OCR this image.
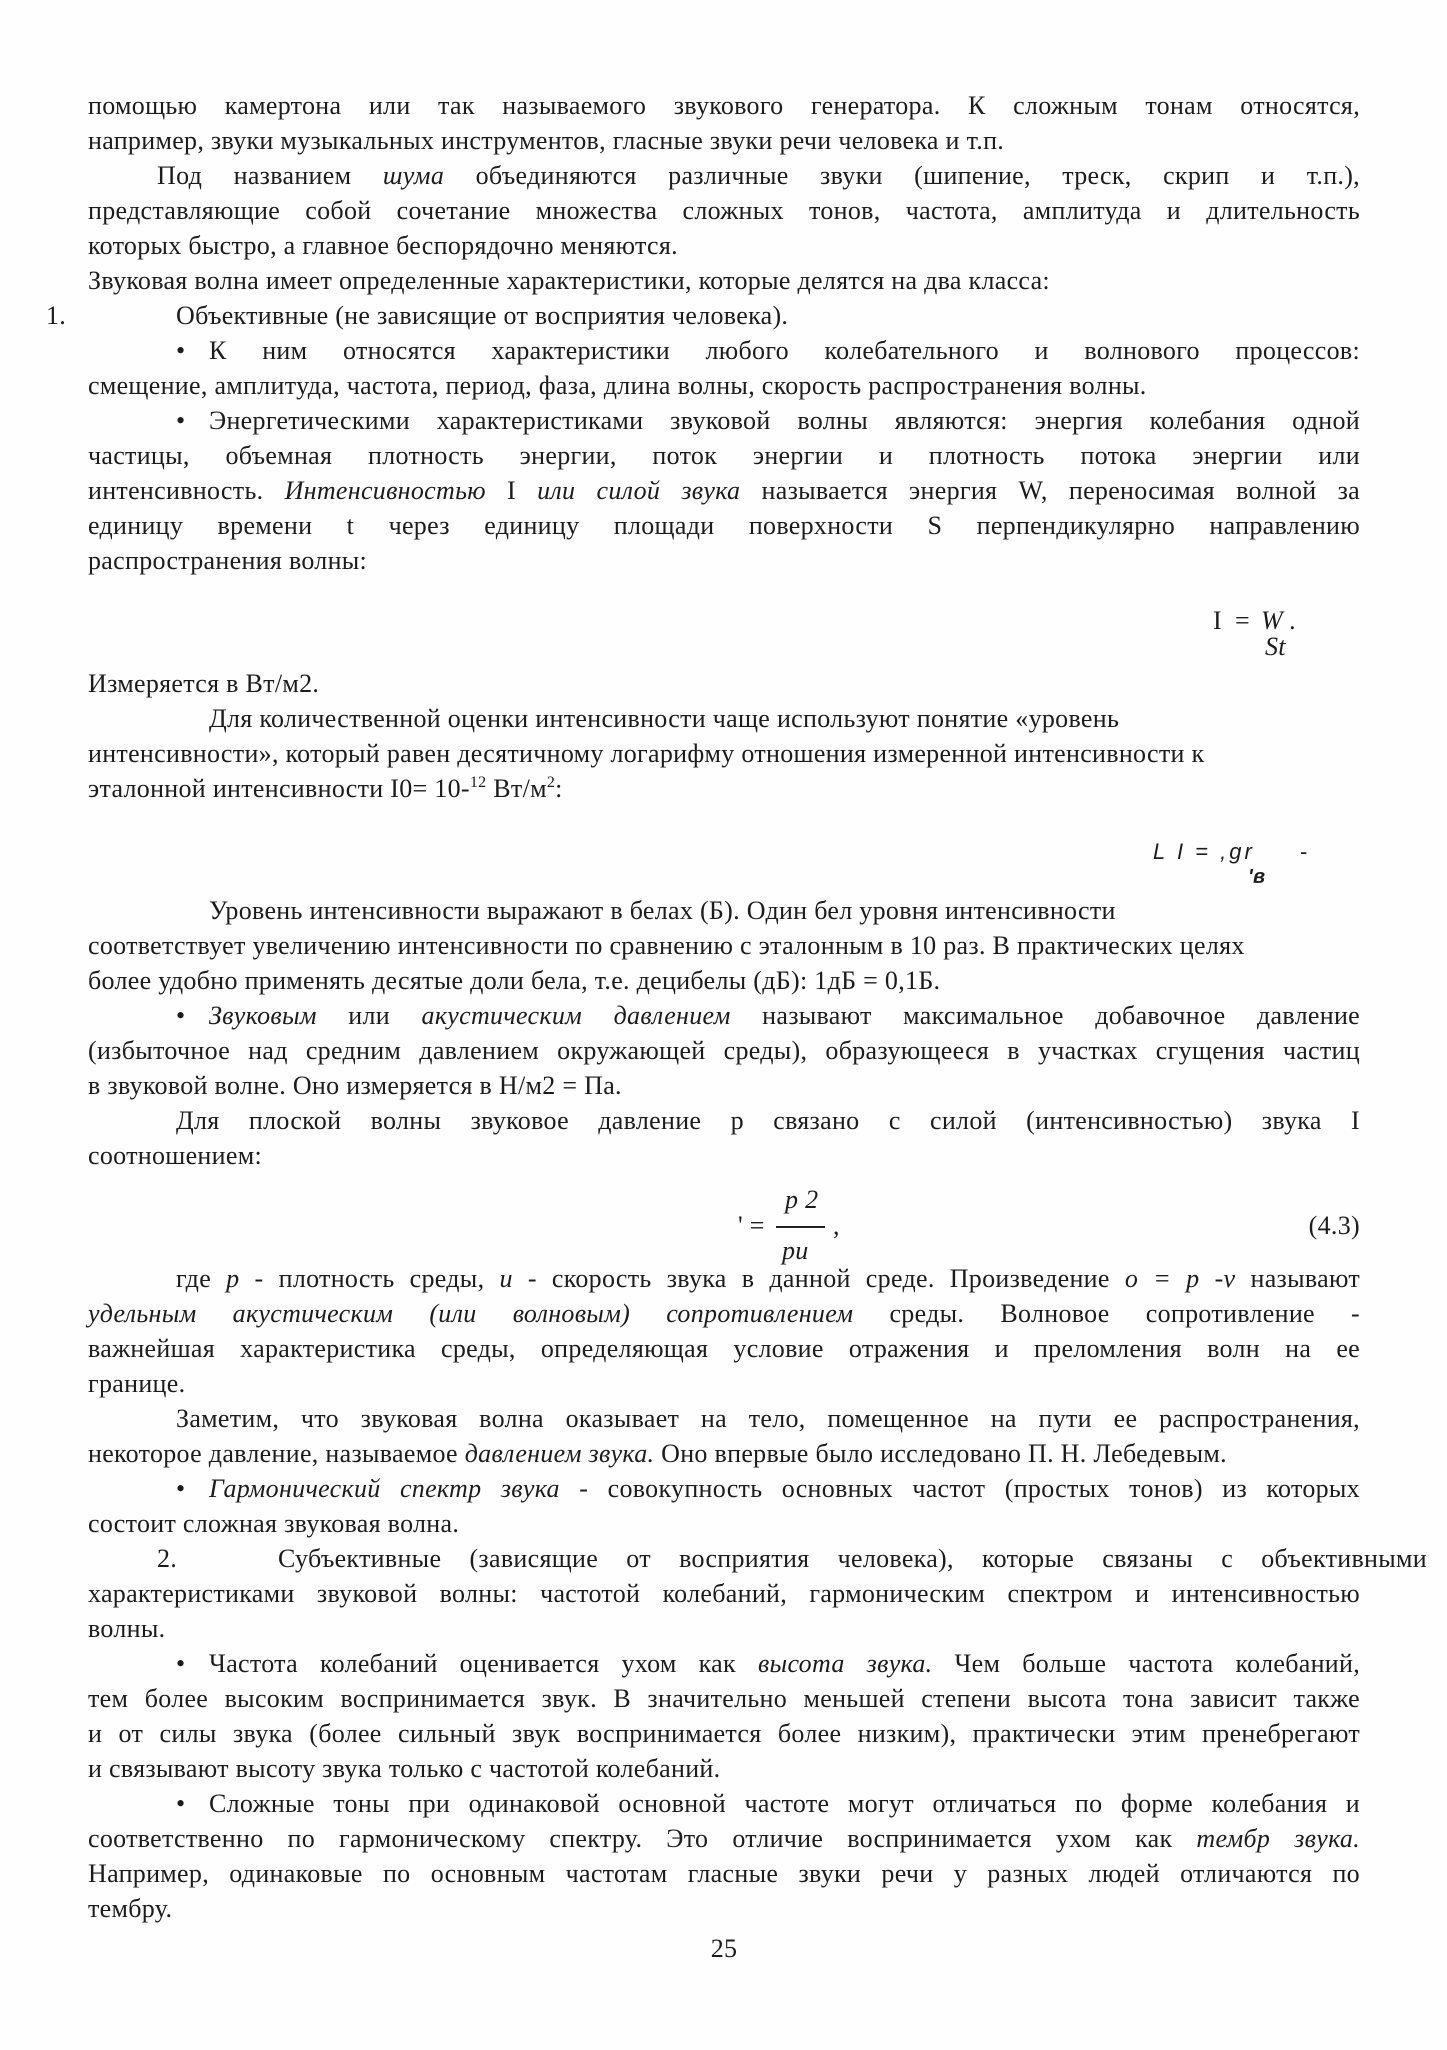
помощью камертона или так называемого звукового генератора. К сложным тонам относятся,
например, звуки музыкальных инструментов, гласные звуки речи человека и т.п.
Под названием шума объединяются различные звуки (шипение, треск, скрип и т.п.),
представляющие собой сочетание множества сложных тонов, частота, амплитуда и длительность
которых быстро, а главное беспорядочно меняются.
Звуковая волна имеет определенные характеристики, которые делятся на два класса:
1.	Объективные (не зависящие от восприятия человека).
• К ним относятся характеристики любого колебательного и волнового процессов:
смещение, амплитуда, частота, период, фаза, длина волны, скорость распространения волны.
• Энергетическими характеристиками звуковой волны являются: энергия колебания одной
частицы, объемная плотность энергии, поток энергии и плотность потока энергии или
интенсивность. Интенсивностью I или силой звука называется энергия W, переносимая волной за
единицу времени t через единицу площади поверхности S перпендикулярно направлению
распространения волны:
I = W .
St
Измеряется в Вт/м2.
Для количественной оценки интенсивности чаще используют понятие «уровень
интенсивности», который равен десятичному логарифму отношения измеренной интенсивности к
эталонной интенсивности I0= 10-$^{12}$ $Вт/м^2$:
L I = ,gr
'в
-
Уровень интенсивности выражают в белах (Б). Один бел уровня интенсивности
соответствует увеличению интенсивности по сравнению с эталонным в 10 раз. В практических целях
более удобно применять десятые доли бела, т.е. децибелы (дБ): 1дБ = 0,1Б.
• Звуковым или акустическим давлением называют максимальное добавочное давление
(избыточное над средним давлением окружающей среды), образующееся в участках сгущения частиц
в звуковой волне. Оно измеряется в Н/м2 = Па.
Для плоской волны звуковое давление р связано с силой (интенсивностью) звука I
соотношением:
' =
p 2
pu
,	(4.3)
где p - плотность среды, u - скорость звука в данной среде. Произведение o = p -v называют
удельным акустическим (или волновым) сопротивлением среды. Волновое сопротивление -
важнейшая характеристика среды, определяющая условие отражения и преломления волн на ее
границе.
Заметим, что звуковая волна оказывает на тело, помещенное на пути ее распространения,
некоторое давление, называемое давлением звука. Оно впервые было исследовано П. Н. Лебедевым.
• Гармонический спектр звука - совокупность основных частот (простых тонов) из которых
состоит сложная звуковая волна.
2.	Субъективные (зависящие от восприятия человека), которые связаны с объективными
характеристиками звуковой волны: частотой колебаний, гармоническим спектром и интенсивностью
волны.
• Частота колебаний оценивается ухом как высота звука. Чем больше частота колебаний,
тем более высоким воспринимается звук. В значительно меньшей степени высота тона зависит также
и от силы звука (более сильный звук воспринимается более низким), практически этим пренебрегают
и связывают высоту звука только с частотой колебаний.
• Сложные тоны при одинаковой основной частоте могут отличаться по форме колебания и
соответственно по гармоническому спектру. Это отличие воспринимается ухом как тембр звука.
Например, одинаковые по основным частотам гласные звуки речи у разных людей отличаются по
тембру.
25
